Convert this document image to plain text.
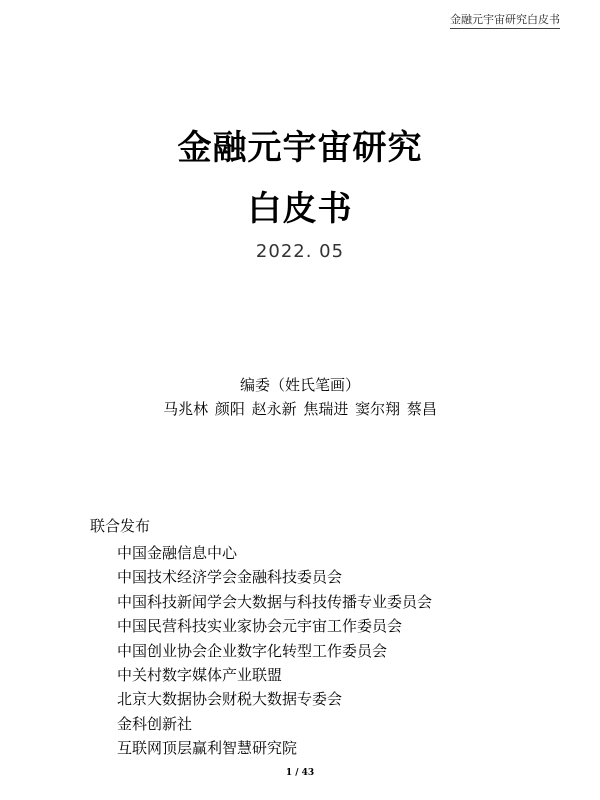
金融元宇宙研究白皮书
金融元宇宙研究
白皮书
2022. 05
编委（姓氏笔画）
马兆林 颜阳 赵永新 焦瑞进 窦尔翔 蔡昌
联合发布
中国金融信息中心
中国技术经济学会金融科技委员会
中国科技新闻学会大数据与科技传播专业委员会
中国民营科技实业家协会元宇宙工作委员会
中国创业协会企业数字化转型工作委员会
中关村数字媒体产业联盟
北京大数据协会财税大数据专委会
金科创新社
互联网顶层赢利智慧研究院
1 / 43
